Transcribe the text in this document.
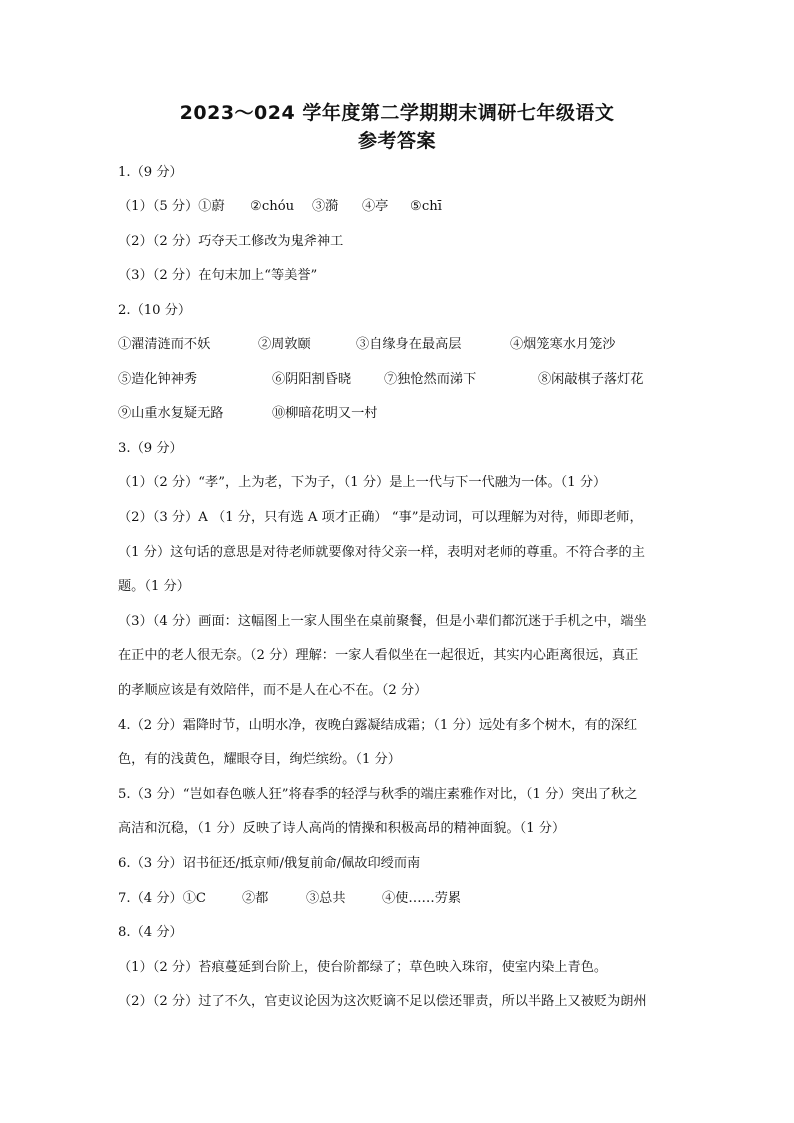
2023～024 学年度第二学期期末调研七年级语文
参考答案
1.（9 分）
（1）（5 分）①蔚 ②chóu ③漪 ④亭 ⑤chī
（2）（2 分）巧夺天工修改为鬼斧神工
（3）（2 分）在句末加上“等美誉”
2.（10 分）
①濯清涟而不妖	②周敦颐	③自缘身在最高层	④烟笼寒水月笼沙
⑤造化钟神秀	⑥阴阳割昏晓 ⑦独怆然而涕下	⑧闲敲棋子落灯花
⑨山重水复疑无路	⑩柳暗花明又一村
3.（9 分）
（1）（2 分）“孝”，上为老，下为子，（1 分）是上一代与下一代融为一体。（1 分）
（2）（3 分）A （1 分，只有选 A 项才正确） “事”是动词，可以理解为对待，师即老师，
（1 分）这句话的意思是对待老师就要像对待父亲一样，表明对老师的尊重。不符合孝的主
题。（1 分）
（3）（4 分）画面：这幅图上一家人围坐在桌前聚餐，但是小辈们都沉迷于手机之中，端坐
在正中的老人很无奈。（2 分）理解：一家人看似坐在一起很近，其实内心距离很远，真正
的孝顺应该是有效陪伴，而不是人在心不在。（2 分）
4.（2 分）霜降时节，山明水净，夜晚白露凝结成霜；（1 分）远处有多个树木，有的深红
色，有的浅黄色，耀眼夺目，绚烂缤纷。（1 分）
5.（3 分）“岂如春色嗾人狂”将春季的轻浮与秋季的端庄素雅作对比，（1 分）突出了秋之
高洁和沉稳，（1 分）反映了诗人高尚的情操和积极高昂的精神面貌。（1 分）
6.（3 分）诏书征还/抵京师/俄复前命/佩故印绶而南
7.（4 分）①C	②都	③总共	④使……劳累
8.（4 分）
（1）（2 分）苔痕蔓延到台阶上，使台阶都绿了；草色映入珠帘，使室内染上青色。
（2）（2 分）过了不久，官吏议论因为这次贬谪不足以偿还罪责，所以半路上又被贬为朗州
